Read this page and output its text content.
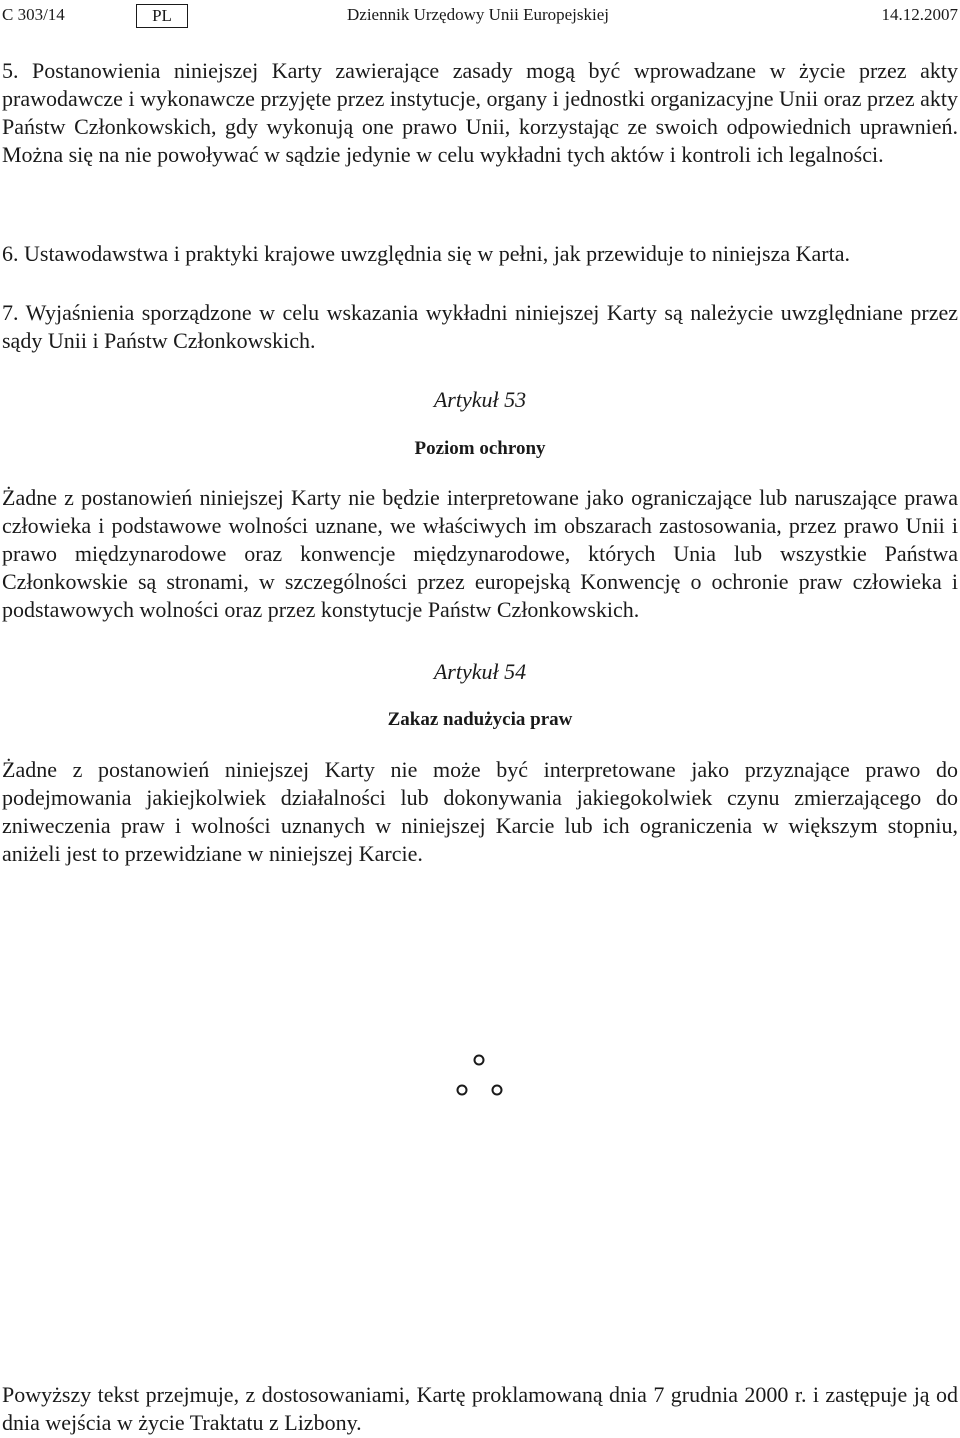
C 303/14	PL	Dziennik Urzędowy Unii Europejskiej	14.12.2007

5. Postanowienia niniejszej Karty zawierające zasady mogą być wprowadzane w życie przez akty prawodawcze i wykonawcze przyjęte przez instytucje, organy i jednostki organizacyjne Unii oraz przez akty Państw Członkowskich, gdy wykonują one prawo Unii, korzystając ze swoich odpowiednich uprawnień. Można się na nie powoływać w sądzie jedynie w celu wykładni tych aktów i kontroli ich legalności.

6. Ustawodawstwa i praktyki krajowe uwzględnia się w pełni, jak przewiduje to niniejsza Karta.

7. Wyjaśnienia sporządzone w celu wskazania wykładni niniejszej Karty są należycie uwzględniane przez sądy Unii i Państw Członkowskich.

Artykuł 53
Poziom ochrony

Żadne z postanowień niniejszej Karty nie będzie interpretowane jako ograniczające lub naruszające prawa człowieka i podstawowe wolności uznane, we właściwych im obszarach zastosowania, przez prawo Unii i prawo międzynarodowe oraz konwencje międzynarodowe, których Unia lub wszystkie Państwa Członkowskie są stronami, w szczególności przez europejską Konwencję o ochronie praw człowieka i podstawowych wolności oraz przez konstytucje Państw Członkowskich.

Artykuł 54
Zakaz nadużycia praw

Żadne z postanowień niniejszej Karty nie może być interpretowane jako przyznające prawo do podejmowania jakiejkolwiek działalności lub dokonywania jakiegokolwiek czynu zmierzającego do zniweczenia praw i wolności uznanych w niniejszej Karcie lub ich ograniczenia w większym stopniu, aniżeli jest to przewidziane w niniejszej Karcie.

Powyższy tekst przejmuje, z dostosowaniami, Kartę proklamowaną dnia 7 grudnia 2000 r. i zastępuje ją od dnia wejścia w życie Traktatu z Lizbony.
